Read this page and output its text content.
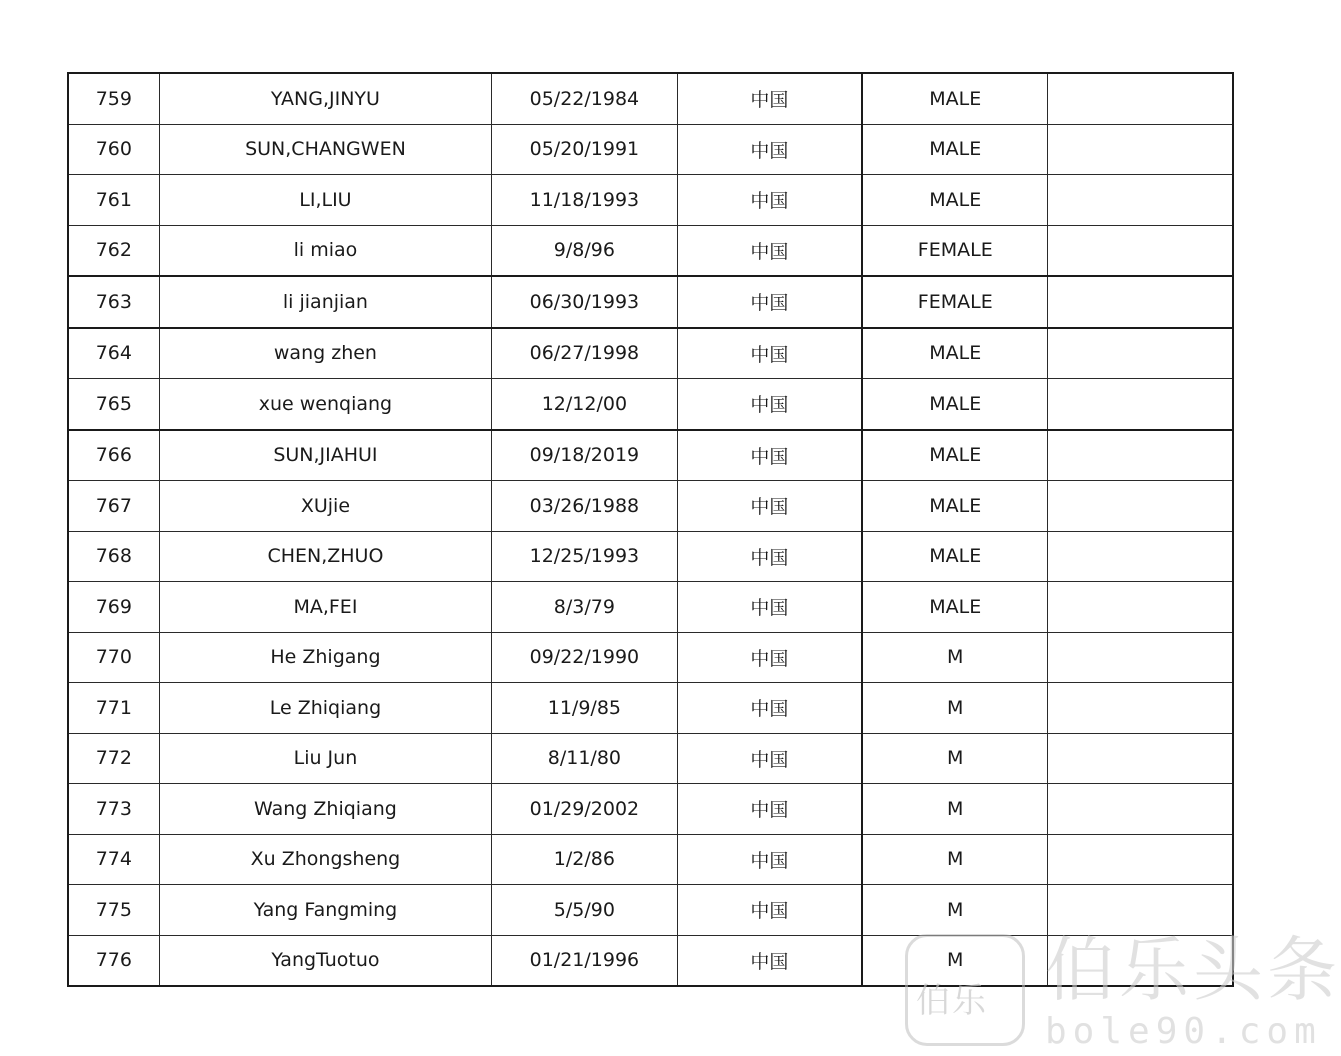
759	YANG,JINYU	05/22/1984	中国	MALE	
760	SUN,CHANGWEN	05/20/1991	中国	MALE	
761	LI,LIU	11/18/1993	中国	MALE	
762	li miao	9/8/96	中国	FEMALE	
763	li jianjian	06/30/1993	中国	FEMALE	
764	wang zhen	06/27/1998	中国	MALE	
765	xue wenqiang	12/12/00	中国	MALE	
766	SUN,JIAHUI	09/18/2019	中国	MALE	
767	XUjie	03/26/1988	中国	MALE	
768	CHEN,ZHUO	12/25/1993	中国	MALE	
769	MA,FEI	8/3/79	中国	MALE	
770	He Zhigang	09/22/1990	中国	M	
771	Le Zhiqiang	11/9/85	中国	M	
772	Liu Jun	8/11/80	中国	M	
773	Wang Zhiqiang	01/29/2002	中国	M	
774	Xu Zhongsheng	1/2/86	中国	M	
775	Yang Fangming	5/5/90	中国	M	
776	YangTuotuo	01/21/1996	中国	M	
伯乐 伯乐头条
bole90.com
